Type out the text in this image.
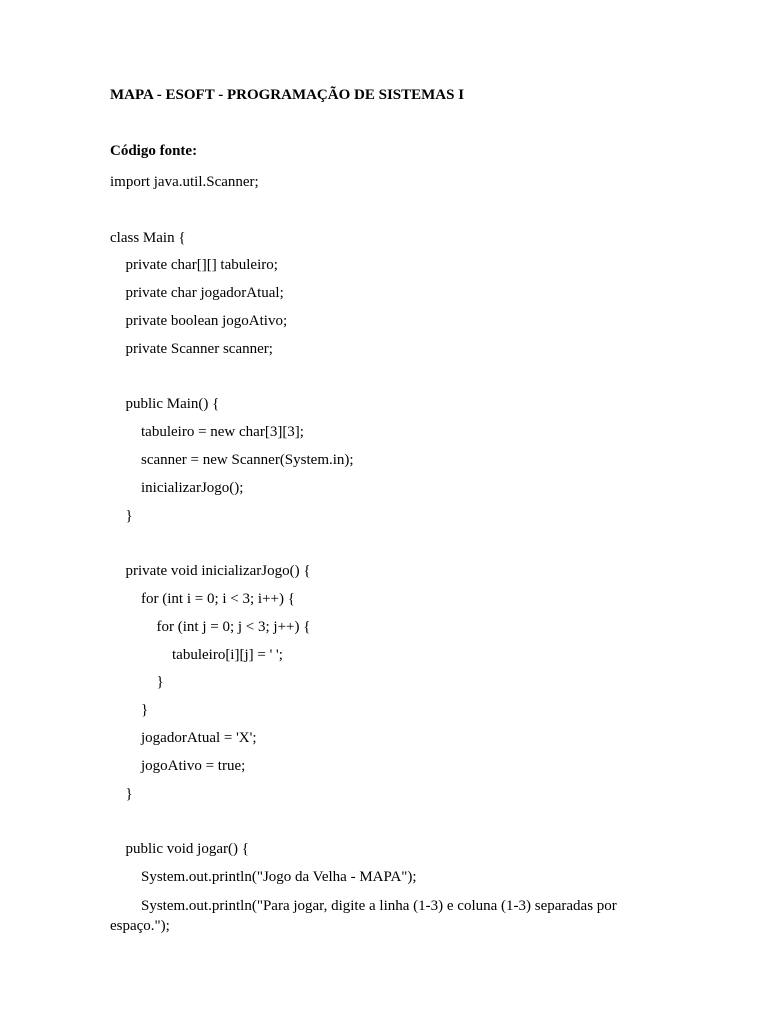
MAPA - ESOFT - PROGRAMAÇÃO DE SISTEMAS I
Código fonte:
import java.util.Scanner;
class Main {
private char[][] tabuleiro;
private char jogadorAtual;
private boolean jogoAtivo;
private Scanner scanner;
public Main() {
tabuleiro = new char[3][3];
scanner = new Scanner(System.in);
inicializarJogo();
}
private void inicializarJogo() {
for (int i = 0; i < 3; i++) {
for (int j = 0; j < 3; j++) {
tabuleiro[i][j] = ' ';
}
}
jogadorAtual = 'X';
jogoAtivo = true;
}
public void jogar() {
System.out.println("Jogo da Velha - MAPA");
System.out.println("Para jogar, digite a linha (1-3) e coluna (1-3) separadas por espaço.");
